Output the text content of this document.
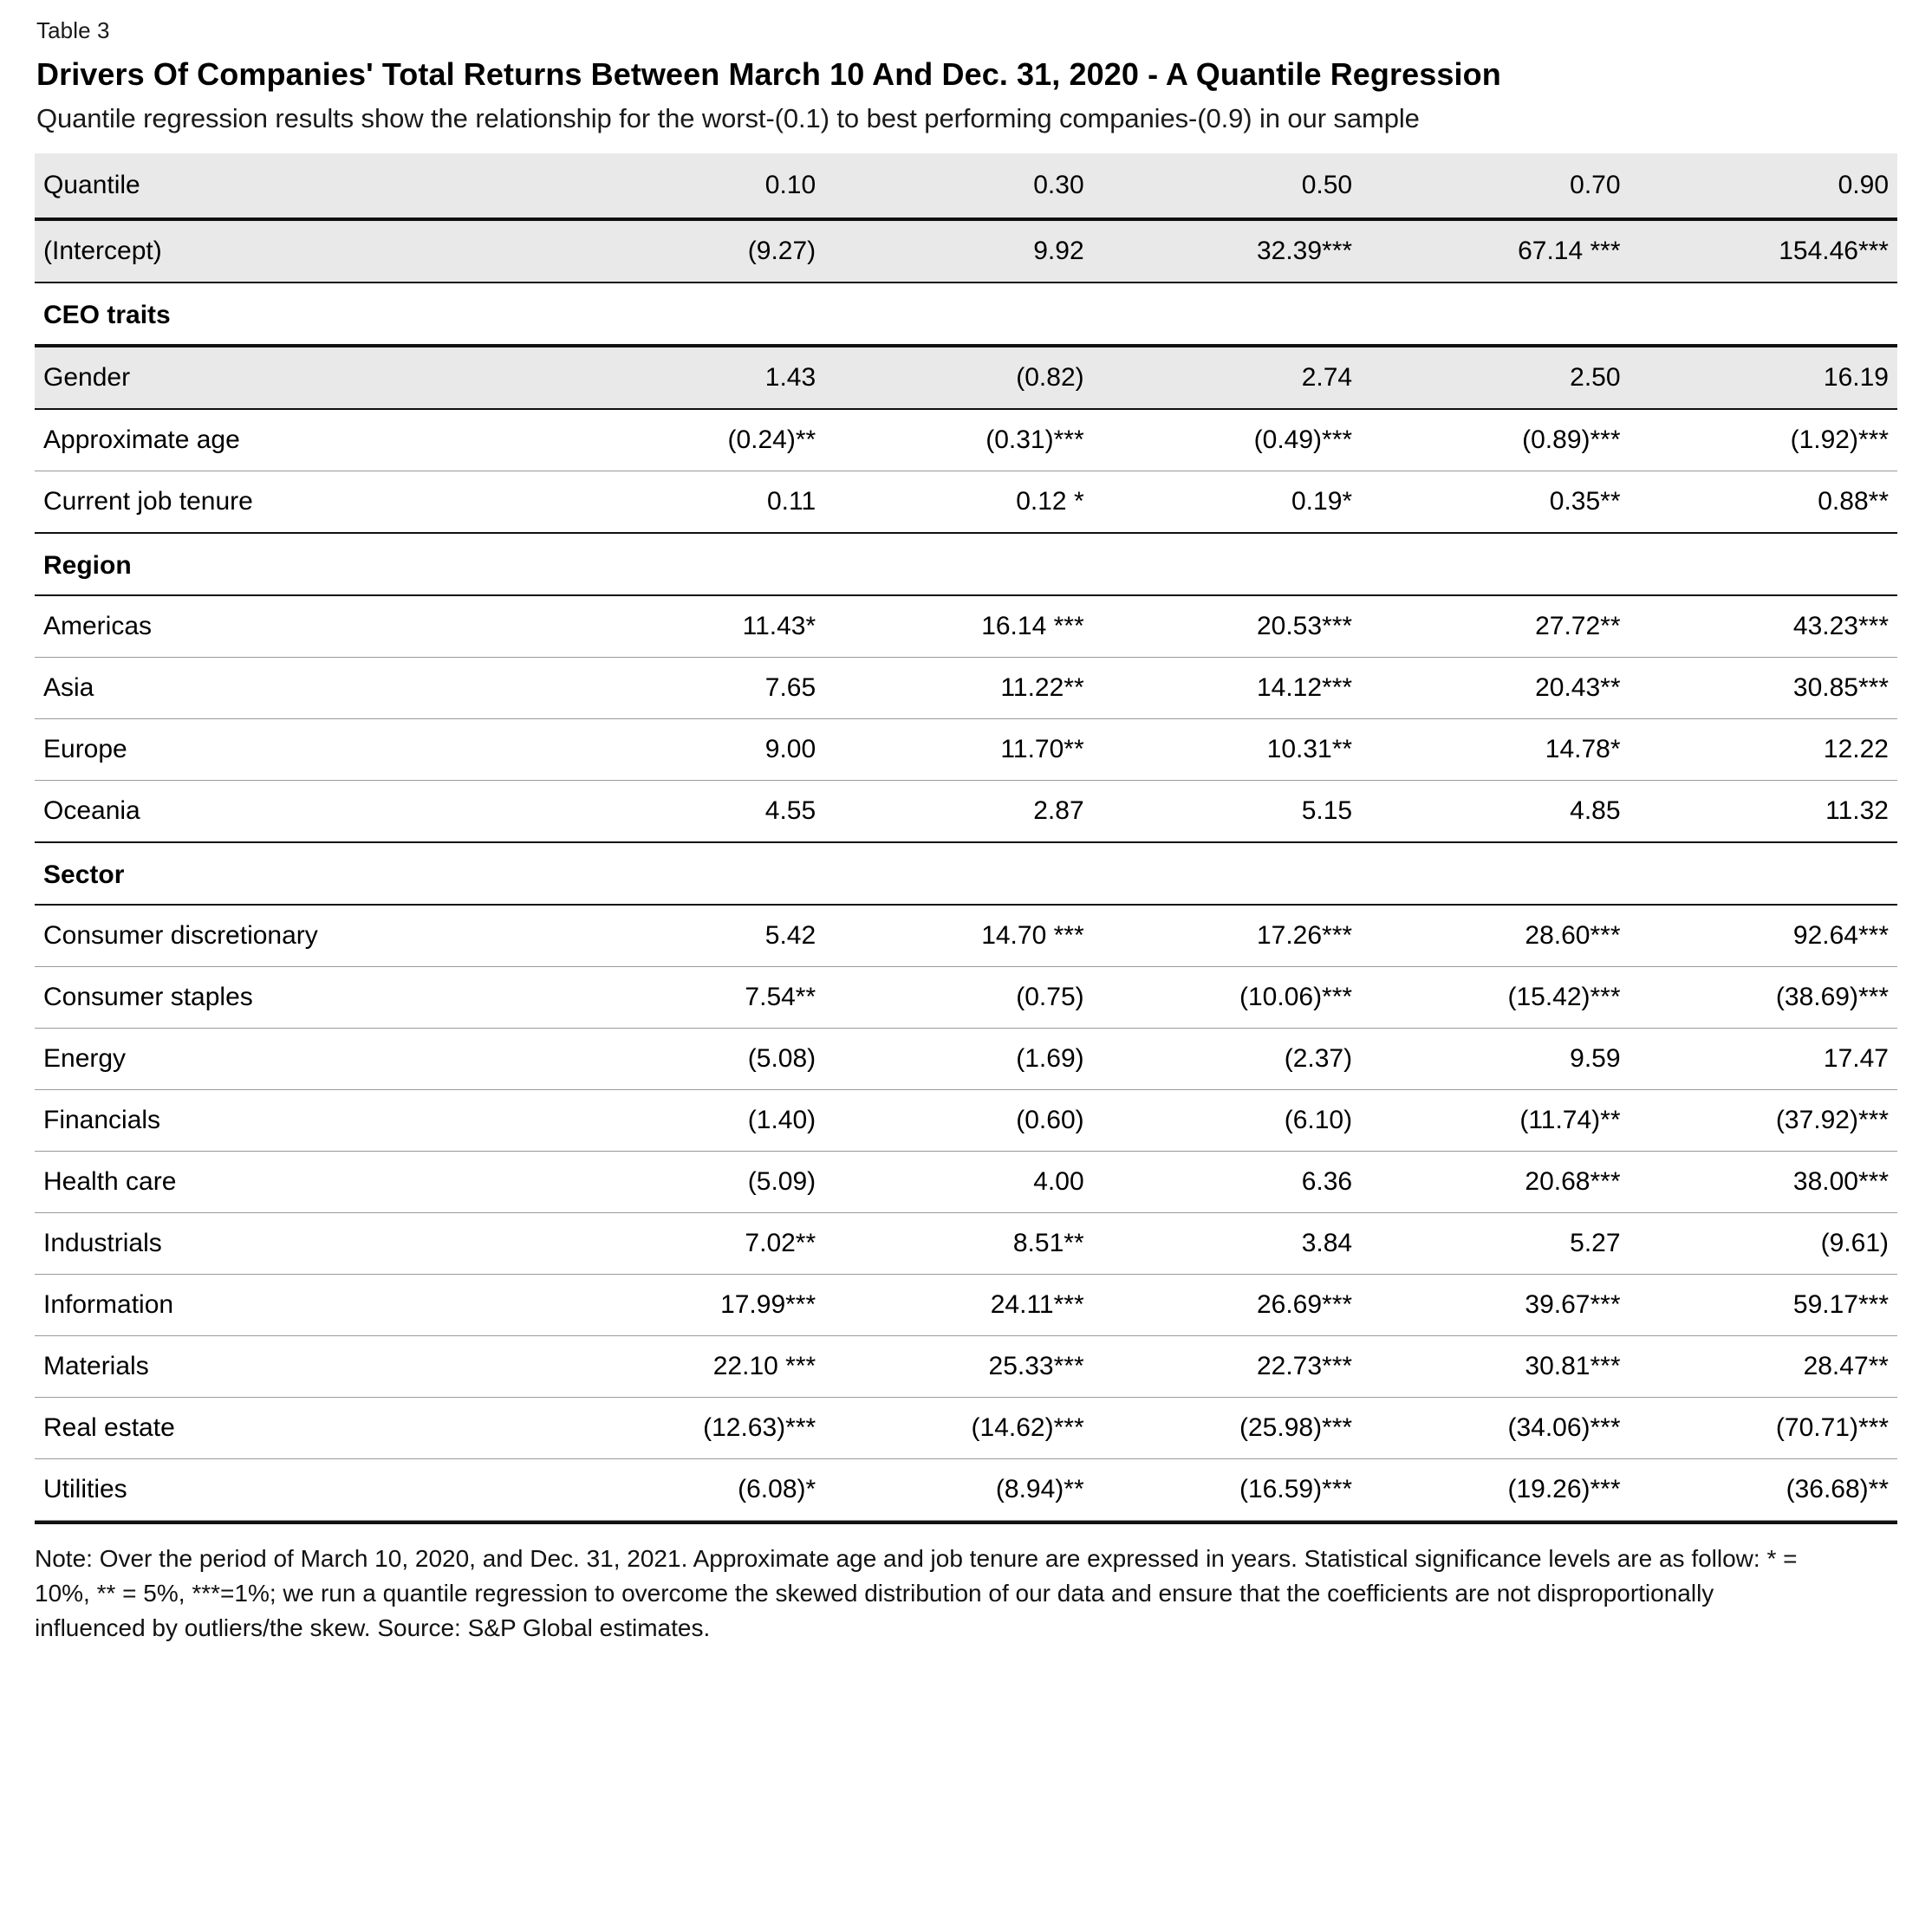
Table 3
Drivers Of Companies' Total Returns Between March 10 And Dec. 31, 2020 - A Quantile Regression
Quantile regression results show the relationship for the worst-(0.1) to best performing companies-(0.9) in our sample
Quantile	0.10	0.30	0.50	0.70	0.90
(Intercept)	(9.27)	9.92	32.39***	67.14 ***	154.46***
CEO traits					
Gender	1.43	(0.82)	2.74	2.50	16.19
Approximate age	(0.24)**	(0.31)***	(0.49)***	(0.89)***	(1.92)***
Current job tenure	0.11	0.12 *	0.19*	0.35**	0.88**
Region					
Americas	11.43*	16.14 ***	20.53***	27.72**	43.23***
Asia	7.65	11.22**	14.12***	20.43**	30.85***
Europe	9.00	11.70**	10.31**	14.78*	12.22
Oceania	4.55	2.87	5.15	4.85	11.32
Sector					
Consumer discretionary	5.42	14.70 ***	17.26***	28.60***	92.64***
Consumer staples	7.54**	(0.75)	(10.06)***	(15.42)***	(38.69)***
Energy	(5.08)	(1.69)	(2.37)	9.59	17.47
Financials	(1.40)	(0.60)	(6.10)	(11.74)**	(37.92)***
Health care	(5.09)	4.00	6.36	20.68***	38.00***
Industrials	7.02**	8.51**	3.84	5.27	(9.61)
Information	17.99***	24.11***	26.69***	39.67***	59.17***
Materials	22.10 ***	25.33***	22.73***	30.81***	28.47**
Real estate	(12.63)***	(14.62)***	(25.98)***	(34.06)***	(70.71)***
Utilities	(6.08)*	(8.94)**	(16.59)***	(19.26)***	(36.68)**
Note: Over the period of March 10, 2020, and Dec. 31, 2021. Approximate age and job tenure are expressed in years. Statistical significance levels are as follow: * = 10%, ** = 5%, ***=1%; we run a quantile regression to overcome the skewed distribution of our data and ensure that the coefficients are not disproportionally influenced by outliers/the skew. Source: S&P Global estimates.
